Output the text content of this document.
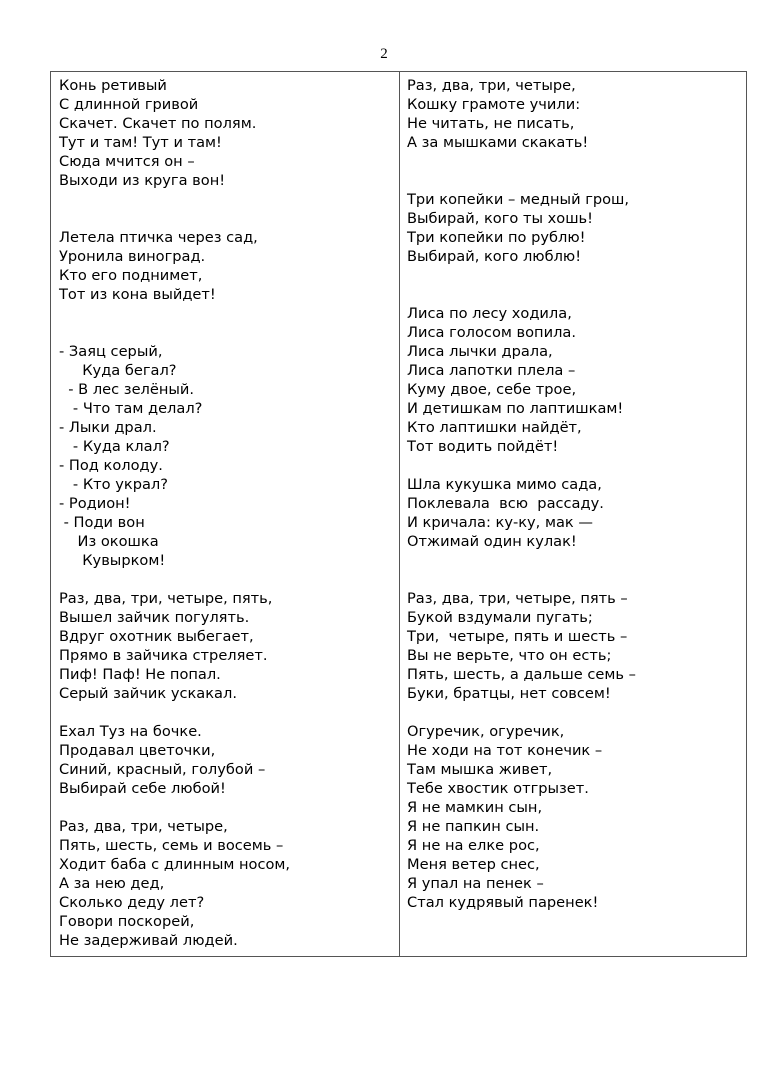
2
Конь ретивый
С длинной гривой
Скачет. Скачет по полям.
Тут и там! Тут и там!
Сюда мчится он –
Выходи из круга вон!
Летела птичка через сад,
Уронила виноград.
Кто его поднимет,
Тот из кона выйдет!
- Заяц серый,
Куда бегал?
- В лес зелёный.
- Что там делал?
- Лыки драл.
- Куда клал?
- Под колоду.
- Кто украл?
- Родион!
- Поди вон
Из окошка
Кувырком!
Раз, два, три, четыре, пять,
Вышел зайчик погулять.
Вдруг охотник выбегает,
Прямо в зайчика стреляет.
Пиф! Паф! Не попал.
Серый зайчик ускакал.
Ехал Туз на бочке.
Продавал цветочки,
Синий, красный, голубой –
Выбирай себе любой!
Раз, два, три, четыре,
Пять, шесть, семь и восемь –
Ходит баба с длинным носом,
А за нею дед,
Сколько деду лет?
Говори поскорей,
Не задерживай людей.
Раз, два, три, четыре,
Кошку грамоте учили:
Не читать, не писать,
А за мышками скакать!
Три копейки – медный грош,
Выбирай, кого ты хошь!
Три копейки по рублю!
Выбирай, кого люблю!
Лиса по лесу ходила,
Лиса голосом вопила.
Лиса лычки драла,
Лиса лапотки плела –
Куму двое, себе трое,
И детишкам по лаптишкам!
Кто лаптишки найдёт,
Тот водить пойдёт!
Шла кукушка мимо сада,
Поклевала  всю  рассаду.
И кричала: ку-ку, мак —
Отжимай один кулак!
Раз, два, три, четыре, пять –
Букой вздумали пугать;
Три,  четыре, пять и шесть –
Вы не верьте, что он есть;
Пять, шесть, а дальше семь –
Буки, братцы, нет совсем!
Огуречик, огуречик,
Не ходи на тот конечик –
Там мышка живет,
Тебе хвостик отгрызет.
Я не мамкин сын,
Я не папкин сын.
Я не на елке рос,
Меня ветер снес,
Я упал на пенек –
Стал кудрявый паренек!
